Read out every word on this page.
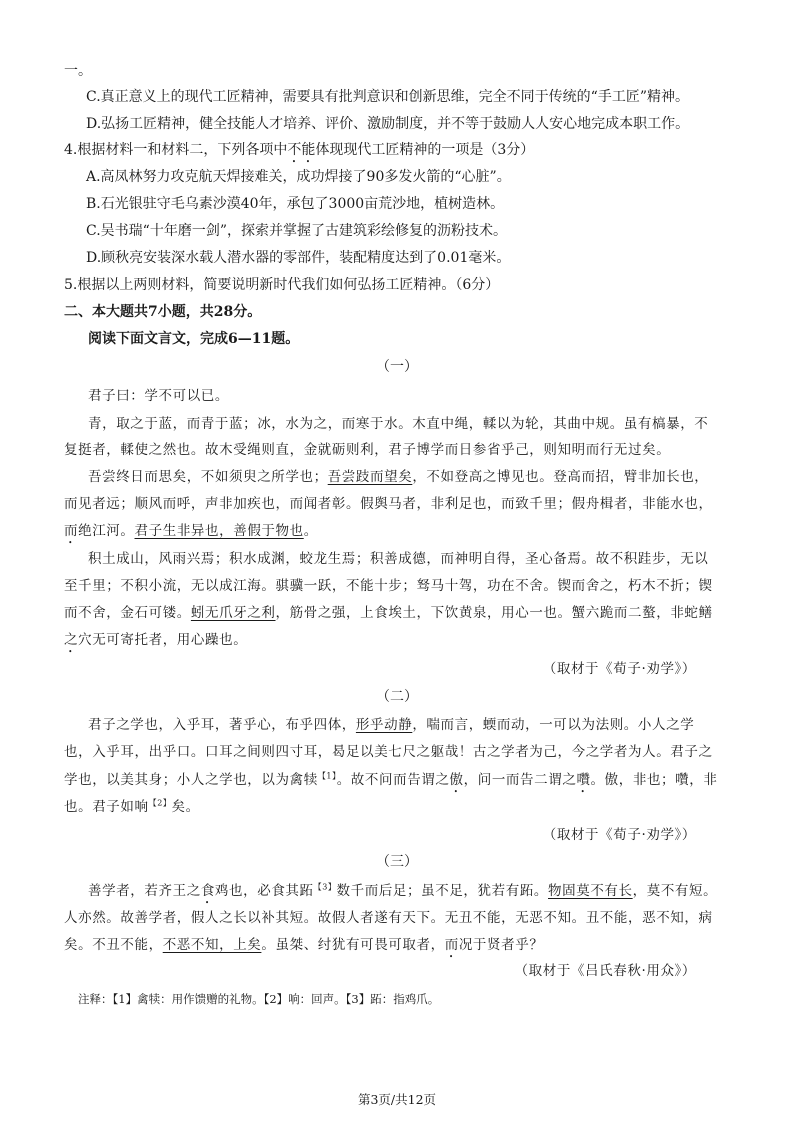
一。
C.真正意义上的现代工匠精神，需要具有批判意识和创新思维，完全不同于传统的“手工匠”精神。
D.弘扬工匠精神，健全技能人才培养、评价、激励制度，并不等于鼓励人人安心地完成本职工作。
4.根据材料一和材料二，下列各项中不能体现现代工匠精神的一项是（3分）
A.高凤林努力攻克航天焊接难关，成功焊接了90多发火箭的“心脏”。
B.石光银驻守毛乌素沙漠40年，承包了3000亩荒沙地，植树造林。
C.吴书瑞“十年磨一剑”，探索并掌握了古建筑彩绘修复的沥粉技术。
D.顾秋亮安装深水载人潜水器的零部件，装配精度达到了0.01毫米。
5.根据以上两则材料，简要说明新时代我们如何弘扬工匠精神。（6分）
二、本大题共7小题，共28分。
阅读下面文言文，完成6—11题。
（一）
君子曰：学不可以已。
青，取之于蓝，而青于蓝；冰，水为之，而寒于水。木直中绳，輮以为轮，其曲中规。虽有槁暴，不
复挺者，輮使之然也。故木受绳则直，金就砺则利，君子博学而日参省乎己，则知明而行无过矣。
吾尝终日而思矣，不如须臾之所学也；吾尝跂而望矣，不如登高之博见也。登高而招，臂非加长也，
而见者远；顺风而呼，声非加疾也，而闻者彰。假舆马者，非利足也，而致千里；假舟楫者，非能水也，
而绝江河。君子生非异也，善假于物也。
积土成山，风雨兴焉；积水成渊，蛟龙生焉；积善成德，而神明自得，圣心备焉。故不积跬步，无以
至千里；不积小流，无以成江海。骐骥一跃，不能十步；驽马十驾，功在不舍。锲而舍之，朽木不折；锲
而不舍，金石可镂。蚓无爪牙之利，筋骨之强，上食埃土，下饮黄泉，用心一也。蟹六跪而二螯，非蛇鳝
之穴无可寄托者，用心躁也。
（取材于《荀子·劝学》）
（二）
君子之学也，入乎耳，著乎心，布乎四体，形乎动静，喘而言，蝡而动，一可以为法则。小人之学
也，入乎耳，出乎口。口耳之间则四寸耳，曷足以美七尺之躯哉！古之学者为己，今之学者为人。君子之
学也，以美其身；小人之学也，以为禽犊$^{【1】}$。故不问而告谓之傲，问一而告二谓之囋。傲，非也；囋，非
也。君子如响$^{【2】}$矣。
（取材于《荀子·劝学》）
（三）
善学者，若齐王之食鸡也，必食其跖$^{【3】}$数千而后足；虽不足，犹若有跖。物固莫不有长，莫不有短。
人亦然。故善学者，假人之长以补其短。故假人者遂有天下。无丑不能，无恶不知。丑不能，恶不知，病
矣。不丑不能，不恶不知，上矣。虽桀、纣犹有可畏可取者，而况于贤者乎？
（取材于《吕氏春秋·用众》）
注释：【1】禽犊：用作馈赠的礼物。【2】响：回声。【3】跖：指鸡爪。
第3页/共12页
